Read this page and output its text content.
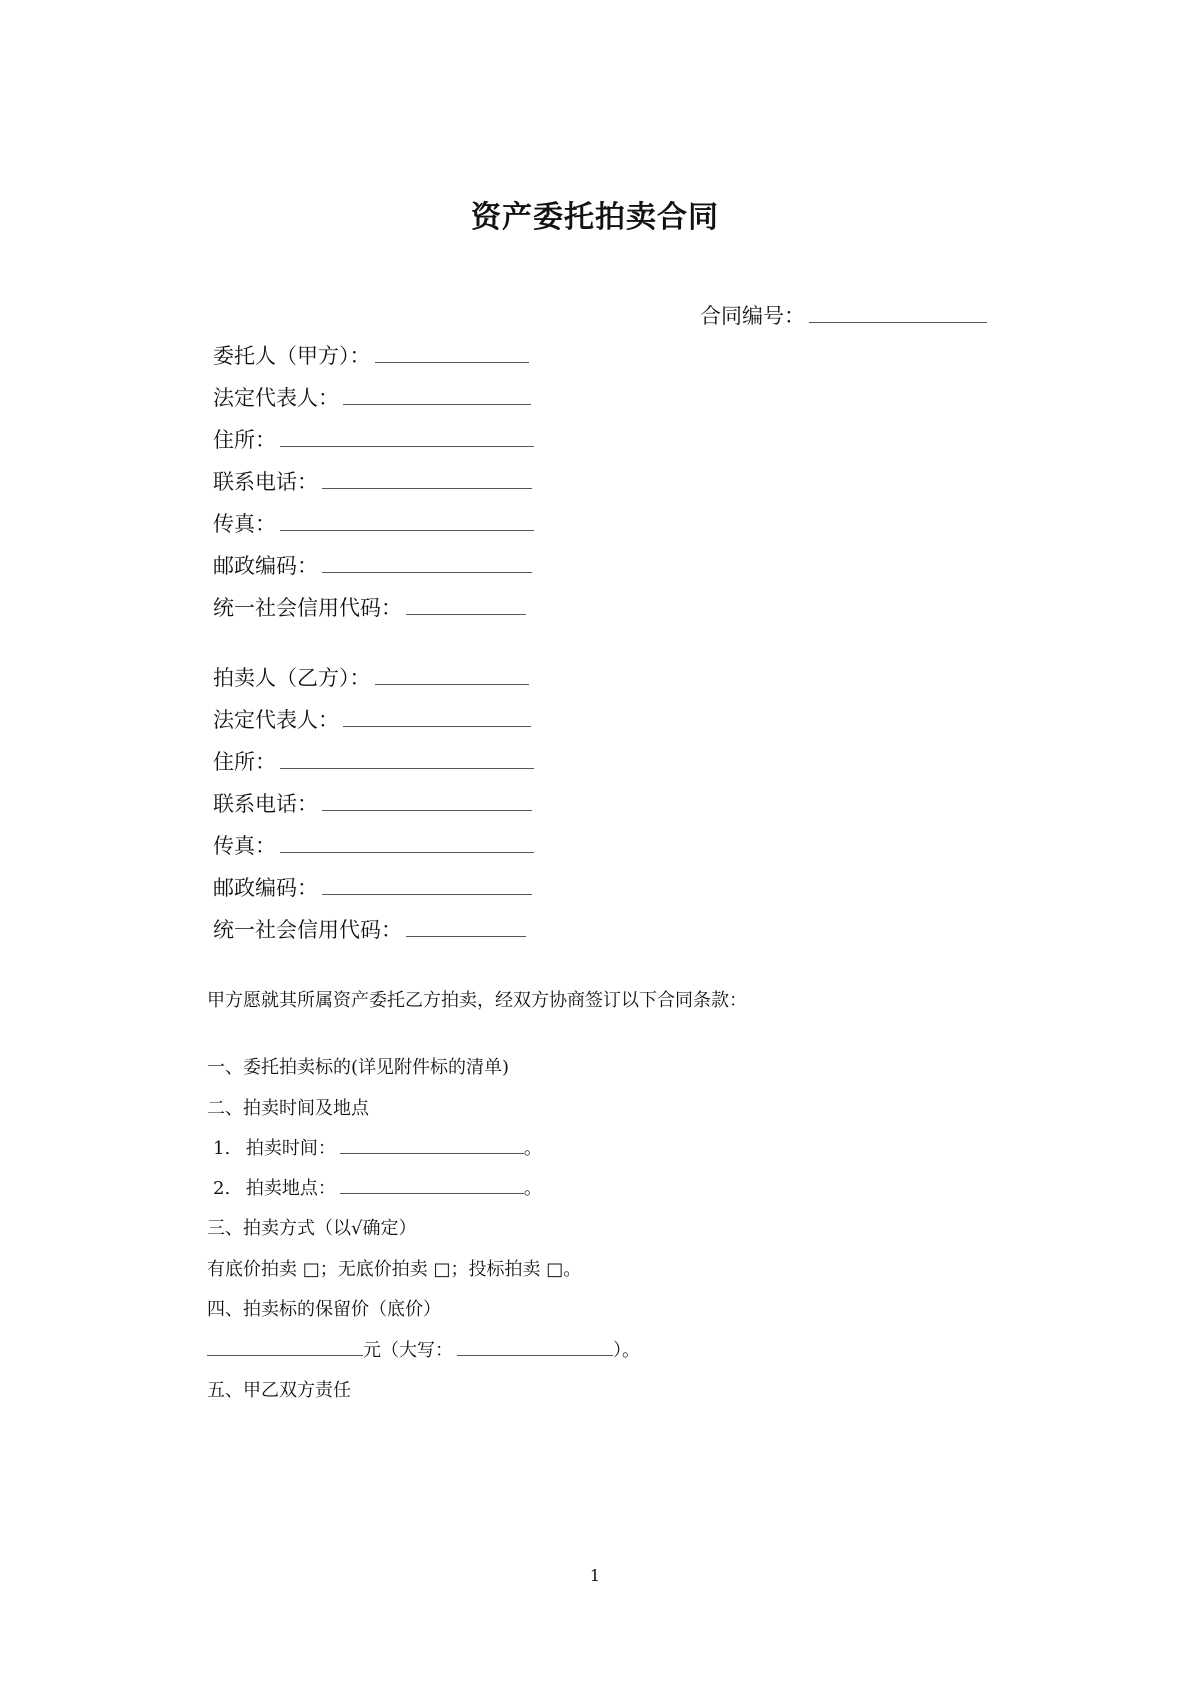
资产委托拍卖合同
合同编号：
委托人（甲方）：
法定代表人：
住所：
联系电话：
传真：
邮政编码：
统一社会信用代码：
拍卖人（乙方）：
法定代表人：
住所：
联系电话：
传真：
邮政编码：
统一社会信用代码：
甲方愿就其所属资产委托乙方拍卖，经双方协商签订以下合同条款：
一、委托拍卖标的(详见附件标的清单)
二、拍卖时间及地点
1. 拍卖时间：	。
2. 拍卖地点：	。
三、拍卖方式（以√确定）
有底价拍卖 □；无底价拍卖 □；投标拍卖 □。
四、拍卖标的保留价（底价）
元（大写：	）。
五、甲乙双方责任
1
